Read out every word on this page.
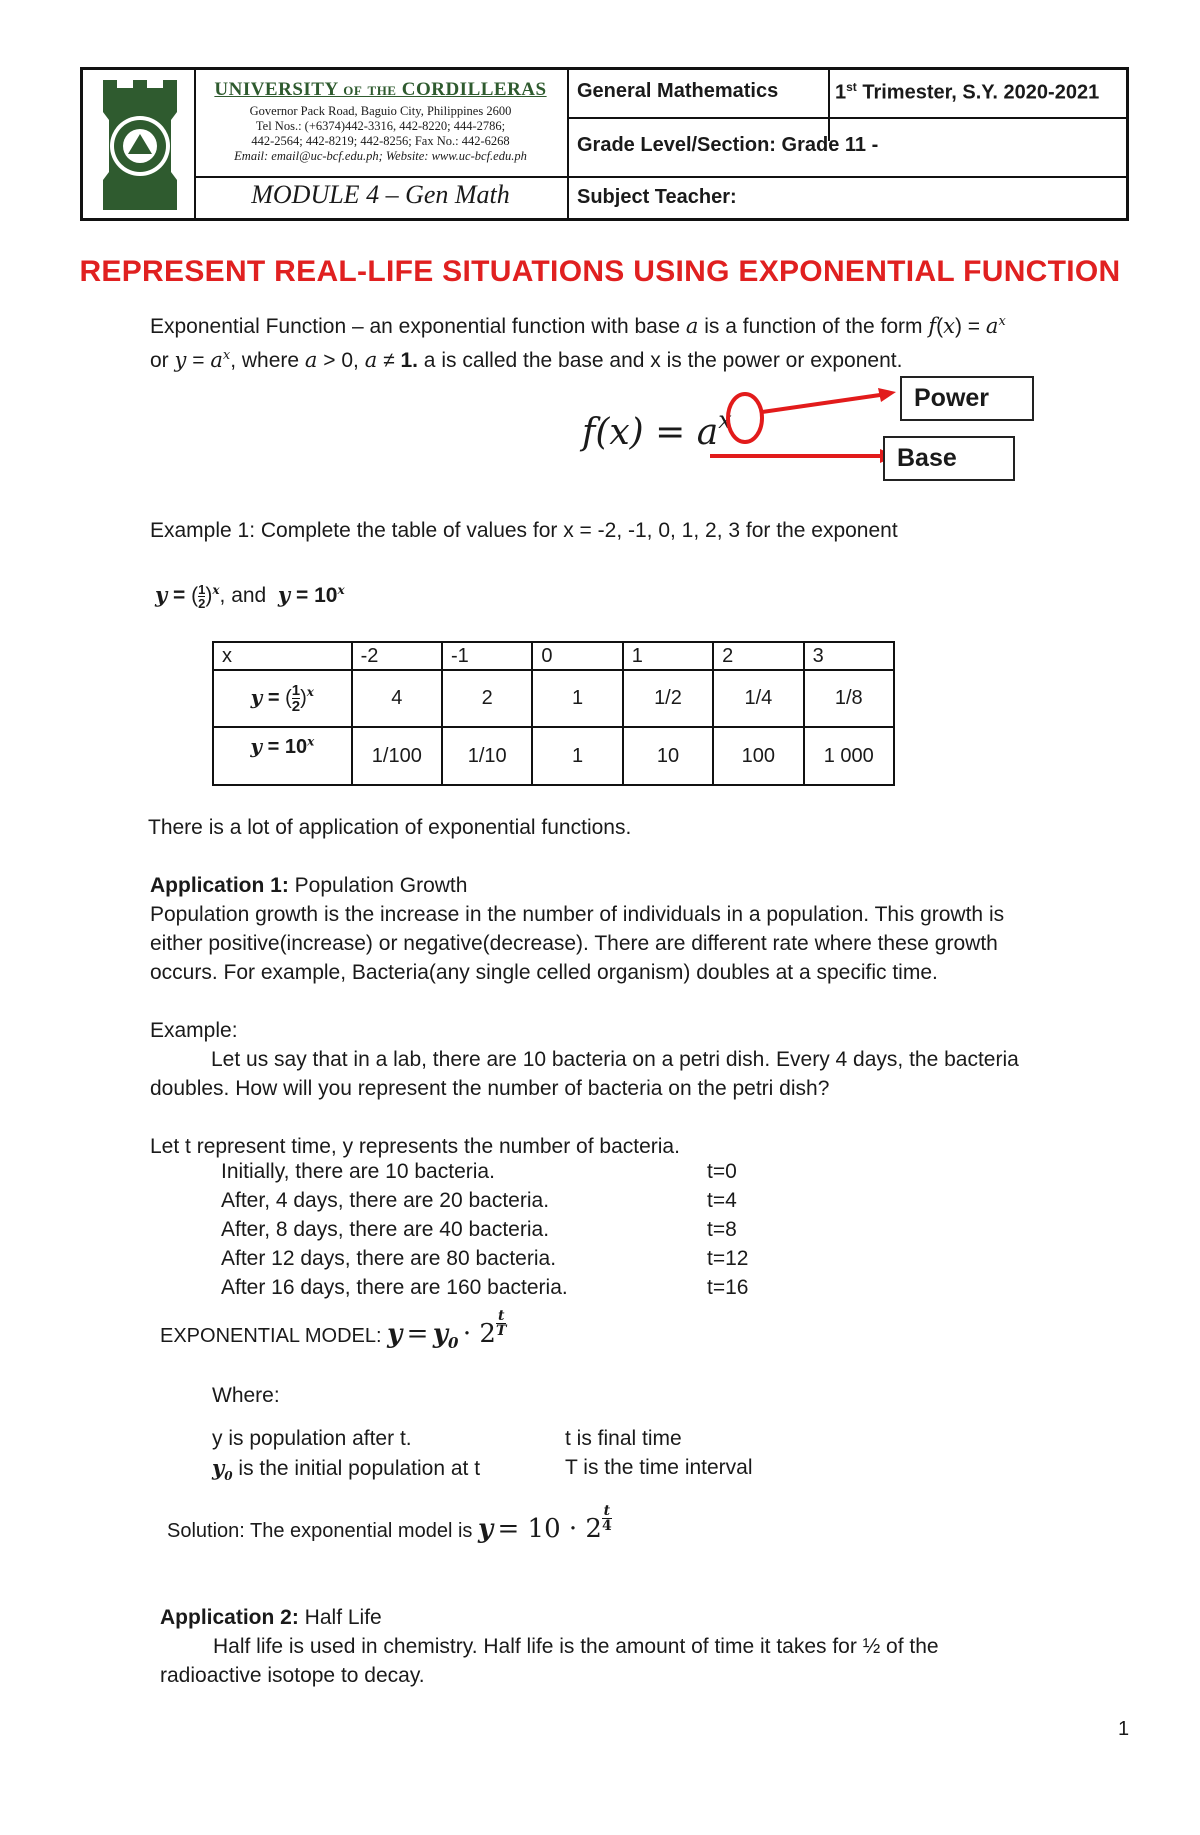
UNIVERSITY of the CORDILLERAS
Governor Pack Road, Baguio City, Philippines 2600
Tel Nos.: (+6374)442-3316, 442-8220; 444-2786;
442-2564; 442-8219; 442-8256; Fax No.: 442-6268
Email: email@uc-bcf.edu.ph; Website: www.uc-bcf.edu.ph
MODULE 4 – Gen Math
General Mathematics	1st Trimester, S.Y. 2020-2021
Grade Level/Section: Grade 11 -
Subject Teacher:
REPRESENT REAL-LIFE SITUATIONS USING EXPONENTIAL FUNCTION
Exponential Function – an exponential function with base a is a function of the form $f(x) = a^x$
or $y = a^x$, where a > 0, a ≠ 1. a is called the base and x is the power or exponent.
$f(x) = a^x$
Power
Base
Example 1: Complete the table of values for x = -2, -1, 0, 1, 2, 3 for the exponent
y = ( $\frac{1}{2} )^x$, and $y = 10^x$
x	-2	-1	0	1	2	3
y = ( $\frac{1}{2} )^x$	4	2	1	1/2	1/4	1/8
$y = 10^x$	1/100	1/10	1	10	100	1 000
There is a lot of application of exponential functions.
Application 1: Population Growth
Population growth is the increase in the number of individuals in a population. This growth is
either positive(increase) or negative(decrease). There are different rate where these growth
occurs. For example, Bacteria(any single celled organism) doubles at a specific time.
Example:
Let us say that in a lab, there are 10 bacteria on a petri dish. Every 4 days, the bacteria
doubles. How will you represent the number of bacteria on the petri dish?
Let t represent time, y represents the number of bacteria.
Initially, there are 10 bacteria.	t=0
After, 4 days, there are 20 bacteria.	t=4
After, 8 days, there are 40 bacteria.	t=8
After 12 days, there are 80 bacteria.	t=12
After 16 days, there are 160 bacteria.	t=16
EXPONENTIAL MODEL: $y = y_0 \cdot 2 \frac{t}{T}$
Where:
y is population after t.	t is final time
$y_0$ is the initial population at t	T is the time interval
Solution: The exponential model is $y = 10 \cdot 2 \frac{t}{4}$
Application 2: Half Life
Half life is used in chemistry. Half life is the amount of time it takes for ½ of the
radioactive isotope to decay.
1
